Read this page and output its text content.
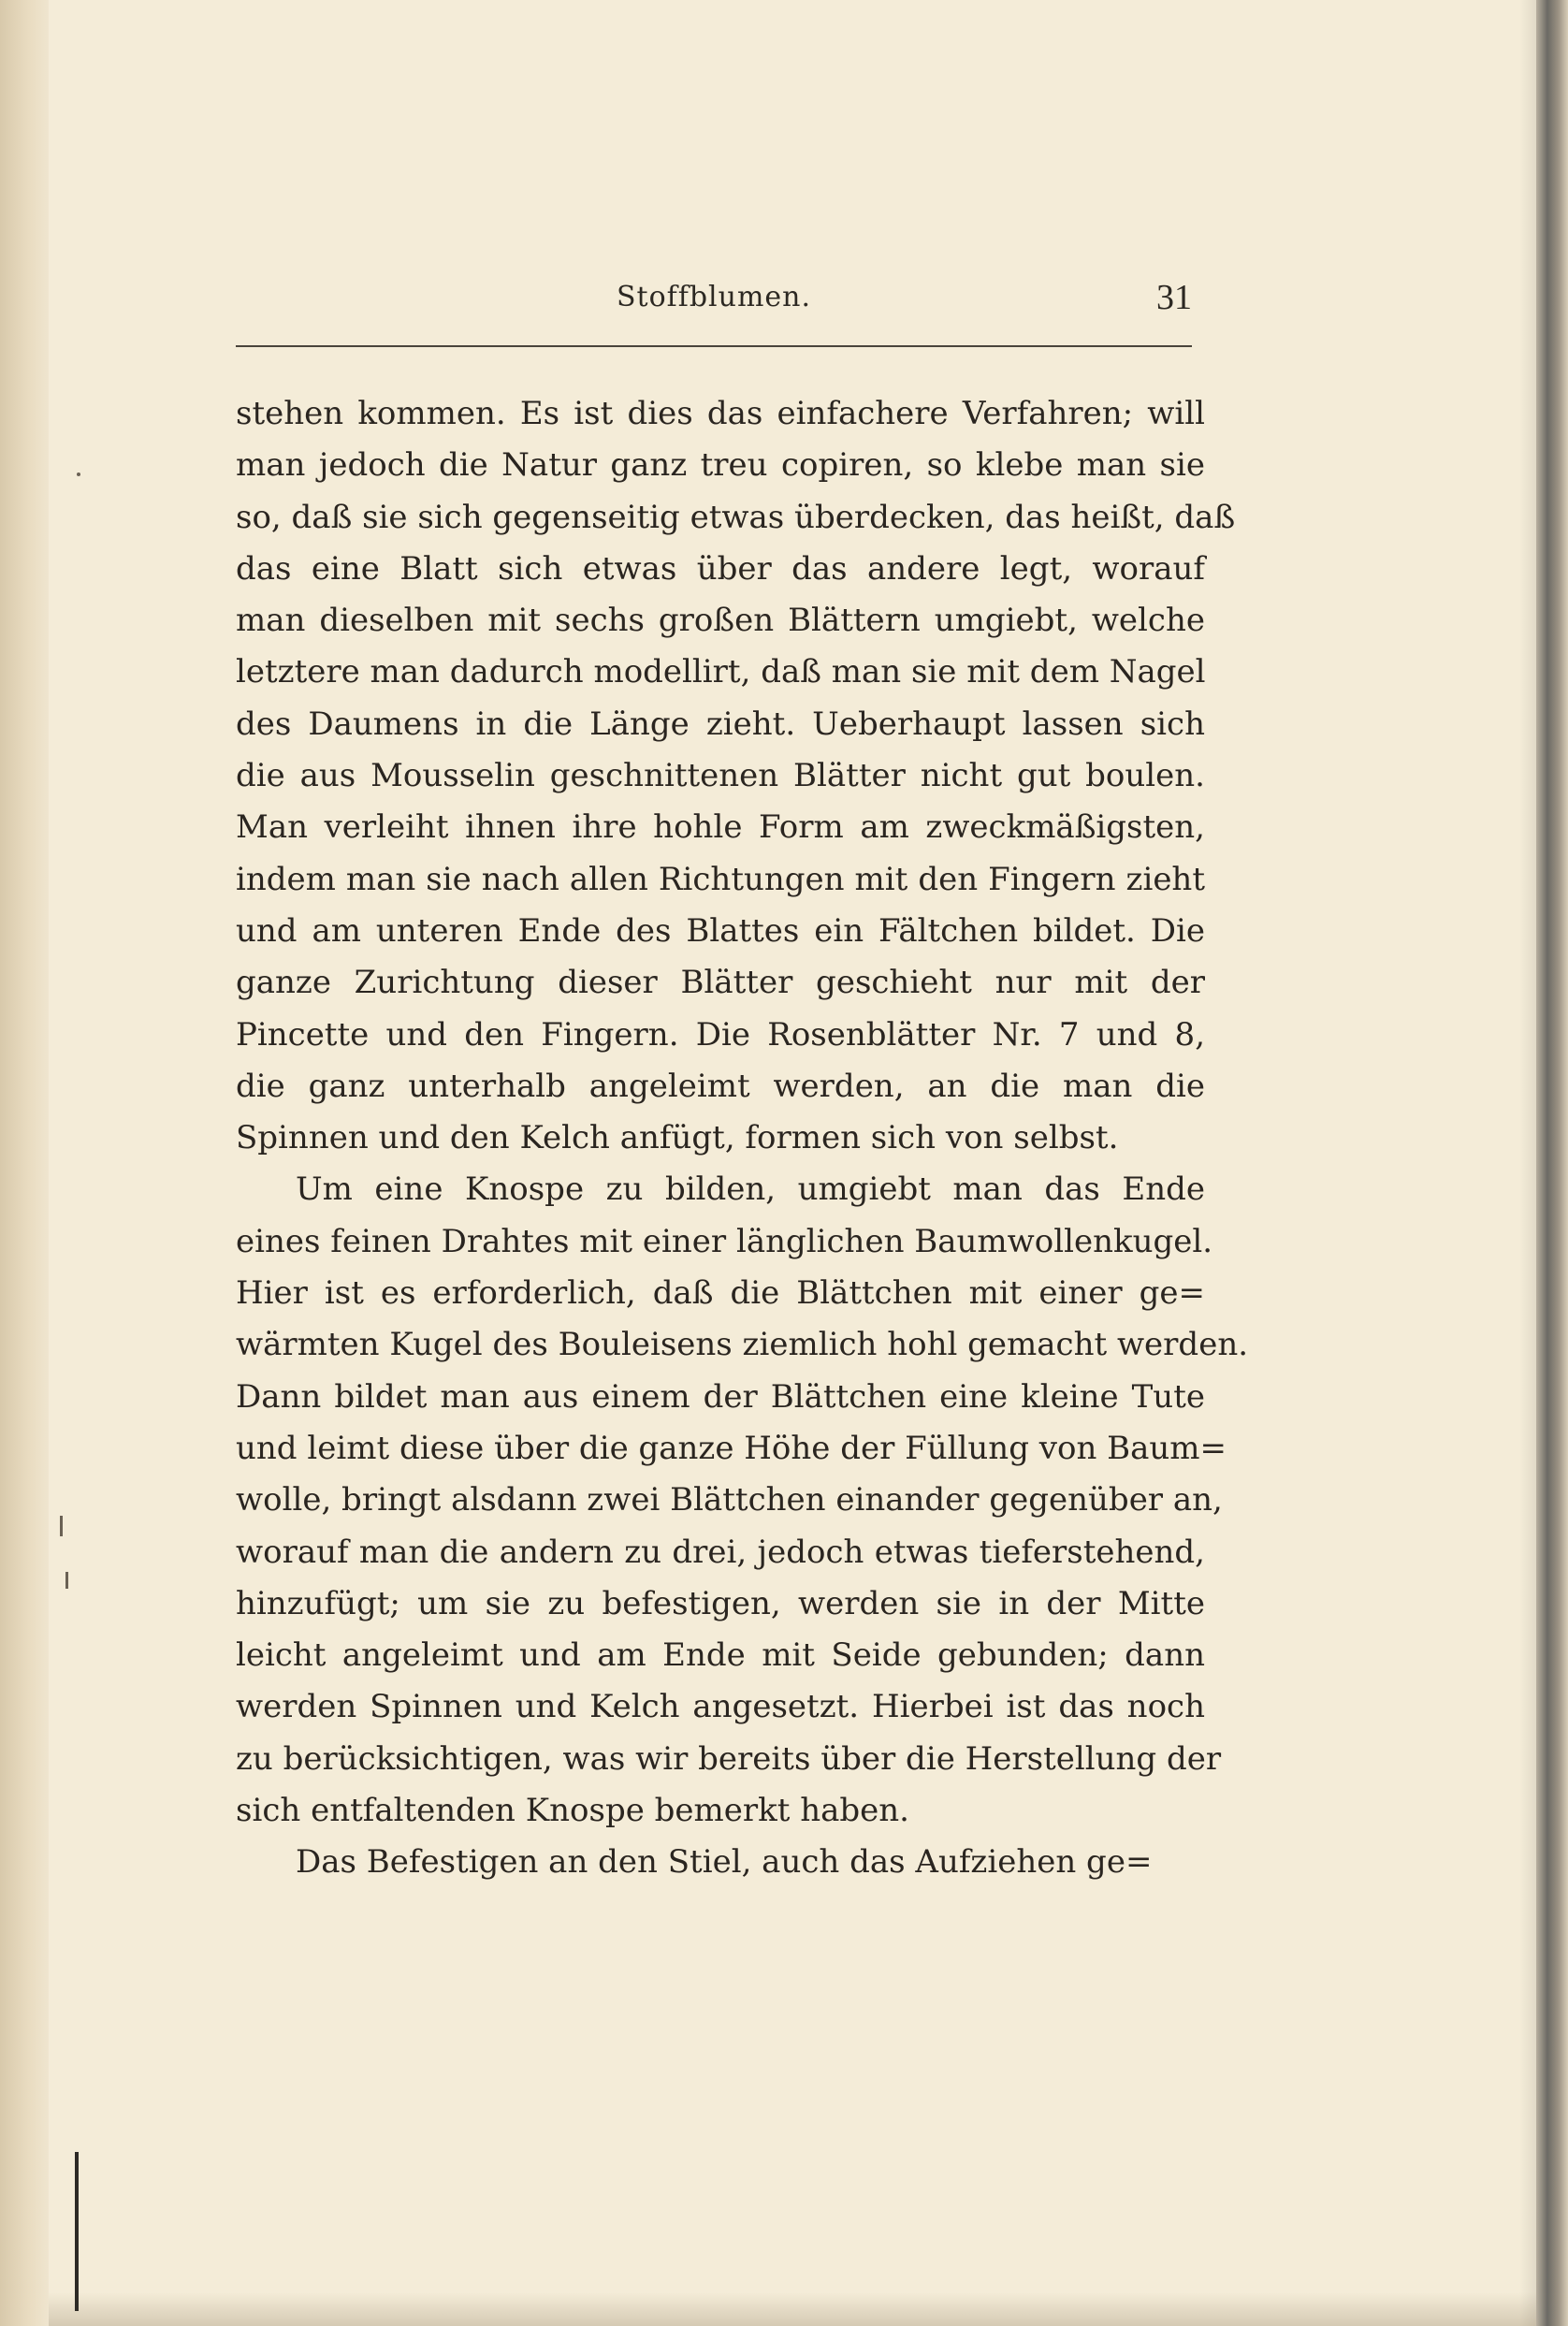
Stoffblumen.	31

stehen kommen. Es ist dies das einfachere Verfahren; will
man jedoch die Natur ganz treu copiren, so klebe man sie
so, daß sie sich gegenseitig etwas überdecken, das heißt, daß
das eine Blatt sich etwas über das andere legt, worauf
man dieselben mit sechs großen Blättern umgiebt, welche
letztere man dadurch modellirt, daß man sie mit dem Nagel
des Daumens in die Länge zieht. Ueberhaupt lassen sich
die aus Mousselin geschnittenen Blätter nicht gut boulen.
Man verleiht ihnen ihre hohle Form am zweckmäßigsten,
indem man sie nach allen Richtungen mit den Fingern zieht
und am unteren Ende des Blattes ein Fältchen bildet. Die
ganze Zurichtung dieser Blätter geschieht nur mit der
Pincette und den Fingern. Die Rosenblätter Nr. 7 und 8,
die ganz unterhalb angeleimt werden, an die man die
Spinnen und den Kelch anfügt, formen sich von selbst.

Um eine Knospe zu bilden, umgiebt man das Ende
eines feinen Drahtes mit einer länglichen Baumwollenkugel.
Hier ist es erforderlich, daß die Blättchen mit einer ge=
wärmten Kugel des Bouleisens ziemlich hohl gemacht werden.
Dann bildet man aus einem der Blättchen eine kleine Tute
und leimt diese über die ganze Höhe der Füllung von Baum=
wolle, bringt alsdann zwei Blättchen einander gegenüber an,
worauf man die andern zu drei, jedoch etwas tieferstehend,
hinzufügt; um sie zu befestigen, werden sie in der Mitte
leicht angeleimt und am Ende mit Seide gebunden; dann
werden Spinnen und Kelch angesetzt. Hierbei ist das noch
zu berücksichtigen, was wir bereits über die Herstellung der
sich entfaltenden Knospe bemerkt haben.

Das Befestigen an den Stiel, auch das Aufziehen ge=
